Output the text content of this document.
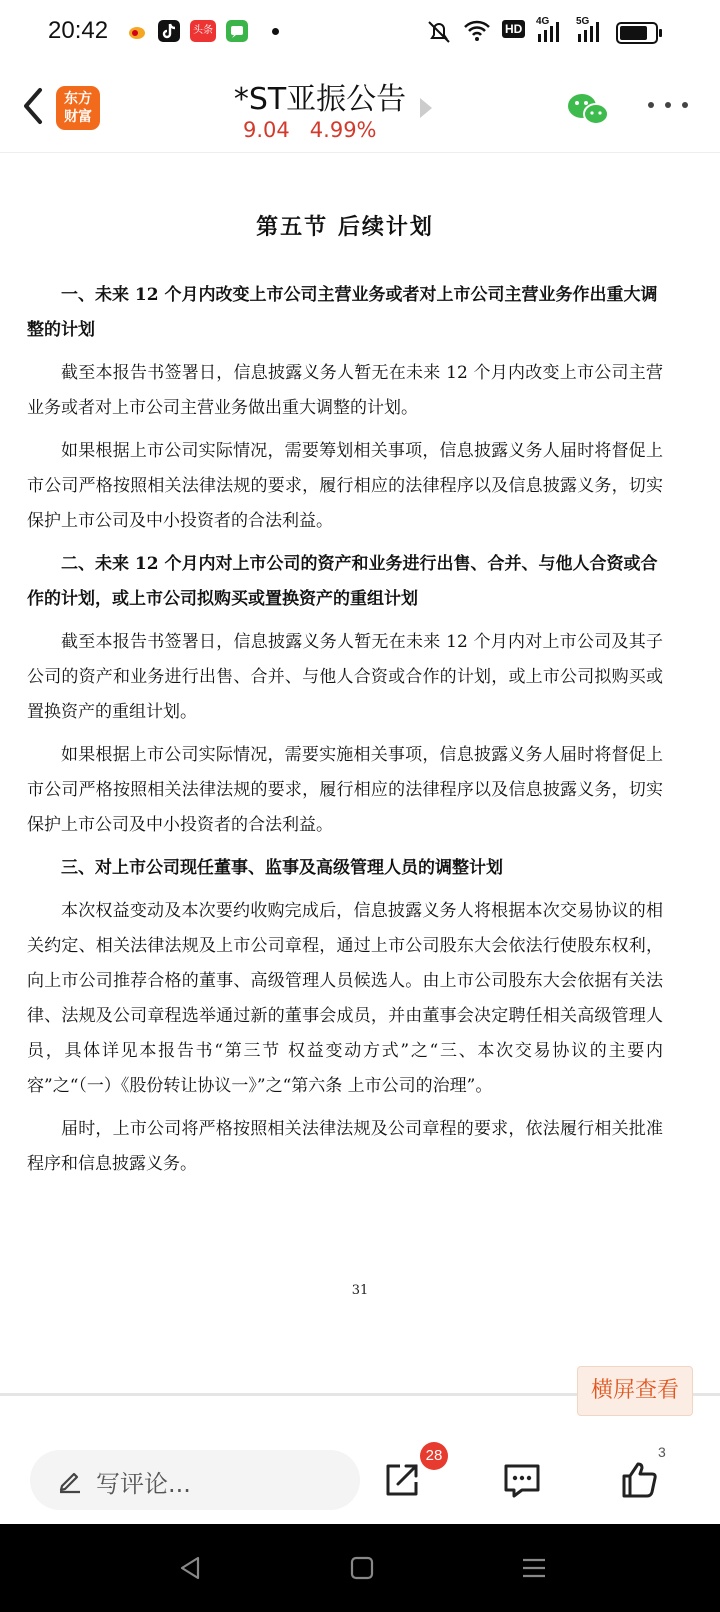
20:42	头条	HD
4G	5G
东方
财富	*ST亚振公告
9.04 4.99%
第五节 后续计划

一、未来 12 个月内改变上市公司主营业务或者对上市公司主营业务作出重大调整的计划

截至本报告书签署日，信息披露义务人暂无在未来 12 个月内改变上市公司主营业务或者对上市公司主营业务做出重大调整的计划。

如果根据上市公司实际情况，需要筹划相关事项，信息披露义务人届时将督促上市公司严格按照相关法律法规的要求，履行相应的法律程序以及信息披露义务，切实保护上市公司及中小投资者的合法利益。

二、未来 12 个月内对上市公司的资产和业务进行出售、合并、与他人合资或合作的计划，或上市公司拟购买或置换资产的重组计划

截至本报告书签署日，信息披露义务人暂无在未来 12 个月内对上市公司及其子公司的资产和业务进行出售、合并、与他人合资或合作的计划，或上市公司拟购买或置换资产的重组计划。

如果根据上市公司实际情况，需要实施相关事项，信息披露义务人届时将督促上市公司严格按照相关法律法规的要求，履行相应的法律程序以及信息披露义务，切实保护上市公司及中小投资者的合法利益。

三、对上市公司现任董事、监事及高级管理人员的调整计划

本次权益变动及本次要约收购完成后，信息披露义务人将根据本次交易协议的相关约定、相关法律法规及上市公司章程，通过上市公司股东大会依法行使股东权利，向上市公司推荐合格的董事、高级管理人员候选人。由上市公司股东大会依据有关法律、法规及公司章程选举通过新的董事会成员，并由董事会决定聘任相关高级管理人员，具体详见本报告书“第三节 权益变动方式”之“三、本次交易协议的主要内容”之“（一）《股份转让协议一》”之“第六条 上市公司的治理”。

届时，上市公司将严格按照相关法律法规及公司章程的要求，依法履行相关批准程序和信息披露义务。

31
横屏查看
写评论...
28	3
